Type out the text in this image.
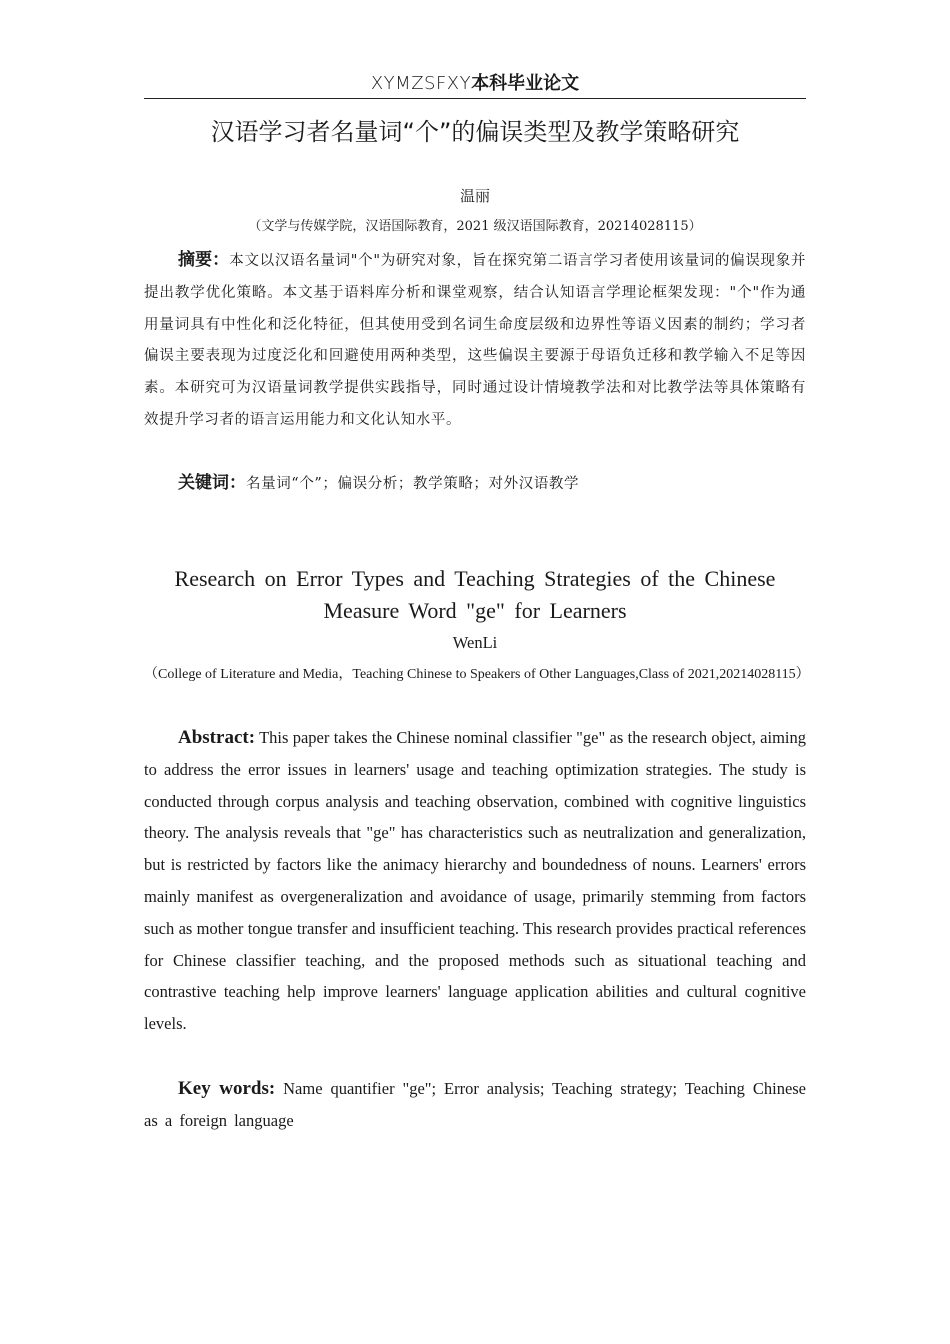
XYMZSFXY本科毕业论文
汉语学习者名量词“个”的偏误类型及教学策略研究
温丽
（文学与传媒学院，汉语国际教育，2021 级汉语国际教育，20214028115）
摘要：本文以汉语名量词"个"为研究对象，旨在探究第二语言学习者使用该量词的偏误现象并提出教学优化策略。本文基于语料库分析和课堂观察，结合认知语言学理论框架发现："个"作为通用量词具有中性化和泛化特征，但其使用受到名词生命度层级和边界性等语义因素的制约；学习者偏误主要表现为过度泛化和回避使用两种类型，这些偏误主要源于母语负迁移和教学输入不足等因素。本研究可为汉语量词教学提供实践指导，同时通过设计情境教学法和对比教学法等具体策略有效提升学习者的语言运用能力和文化认知水平。
关键词：名量词“个”；偏误分析；教学策略；对外汉语教学
Research on Error Types and Teaching Strategies of the Chinese Measure Word "ge" for Learners
WenLi
（College of Literature and Media，Teaching Chinese to Speakers of Other Languages,Class of 2021,20214028115）
Abstract: This paper takes the Chinese nominal classifier "ge" as the research object, aiming to address the error issues in learners' usage and teaching optimization strategies. The study is conducted through corpus analysis and teaching observation, combined with cognitive linguistics theory. The analysis reveals that "ge" has characteristics such as neutralization and generalization, but is restricted by factors like the animacy hierarchy and boundedness of nouns. Learners' errors mainly manifest as overgeneralization and avoidance of usage, primarily stemming from factors such as mother tongue transfer and insufficient teaching. This research provides practical references for Chinese classifier teaching, and the proposed methods such as situational teaching and contrastive teaching help improve learners' language application abilities and cultural cognitive levels.
Key words: Name quantifier "ge"; Error analysis; Teaching strategy; Teaching Chinese as a foreign language
